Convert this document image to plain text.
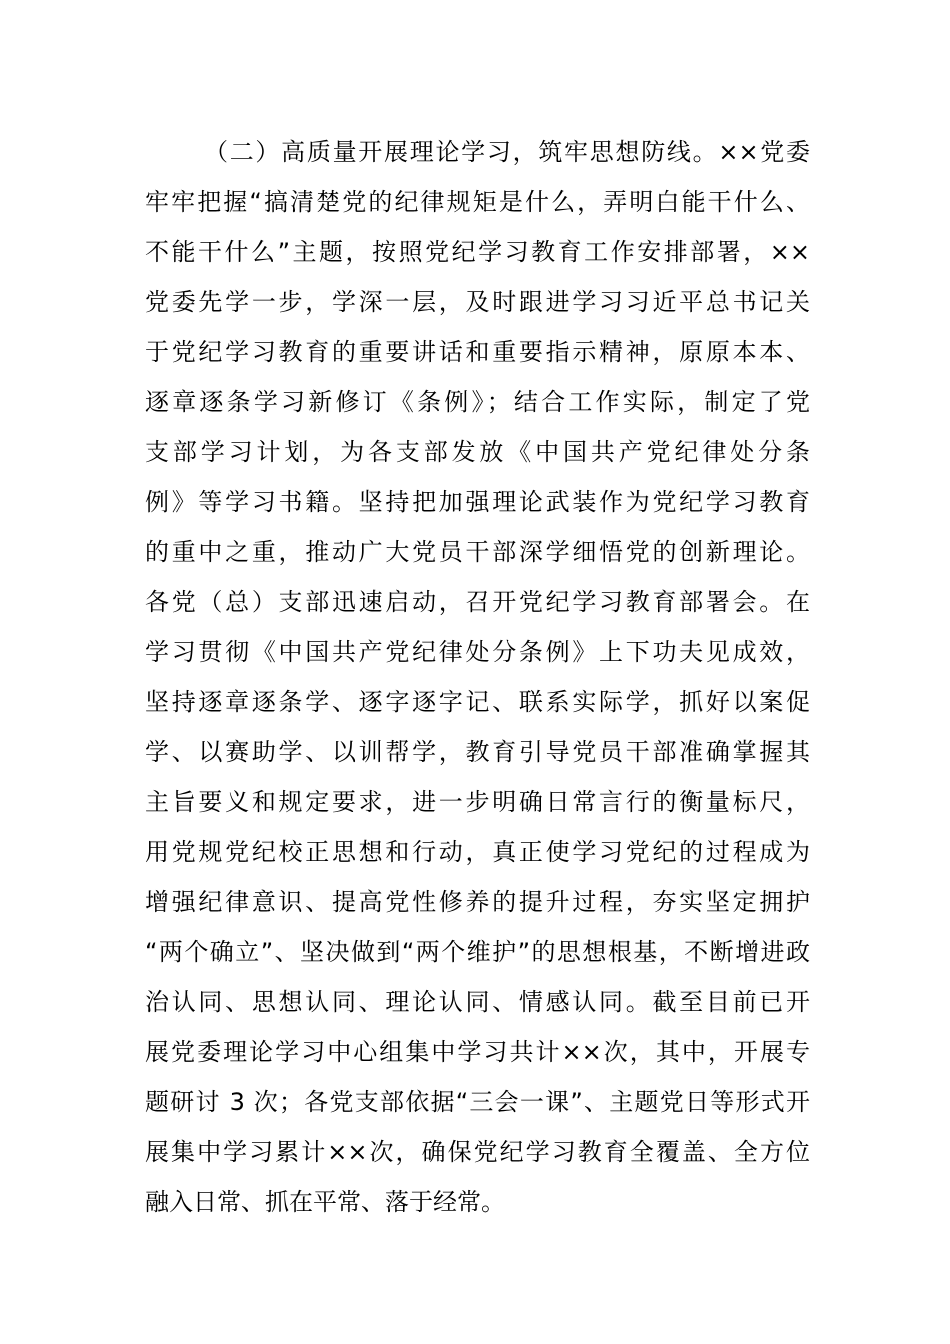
（二）高质量开展理论学习，筑牢思想防线。××党委
牢牢把握“搞清楚党的纪律规矩是什么，弄明白能干什么、
不能干什么”主题，按照党纪学习教育工作安排部署，××
党委先学一步，学深一层，及时跟进学习习近平总书记关
于党纪学习教育的重要讲话和重要指示精神，原原本本、
逐章逐条学习新修订《条例》；结合工作实际，制定了党
支部学习计划，为各支部发放《中国共产党纪律处分条
例》等学习书籍。坚持把加强理论武装作为党纪学习教育
的重中之重，推动广大党员干部深学细悟党的创新理论。
各党（总）支部迅速启动，召开党纪学习教育部署会。在
学习贯彻《中国共产党纪律处分条例》上下功夫见成效，
坚持逐章逐条学、逐字逐字记、联系实际学，抓好以案促
学、以赛助学、以训帮学，教育引导党员干部准确掌握其
主旨要义和规定要求，进一步明确日常言行的衡量标尺，
用党规党纪校正思想和行动，真正使学习党纪的过程成为
增强纪律意识、提高党性修养的提升过程，夯实坚定拥护
“两个确立”、坚决做到“两个维护”的思想根基，不断增进政
治认同、思想认同、理论认同、情感认同。截至目前已开
展党委理论学习中心组集中学习共计××次，其中，开展专
题研讨 3 次；各党支部依据“三会一课”、主题党日等形式开
展集中学习累计××次，确保党纪学习教育全覆盖、全方位
融入日常、抓在平常、落于经常。
